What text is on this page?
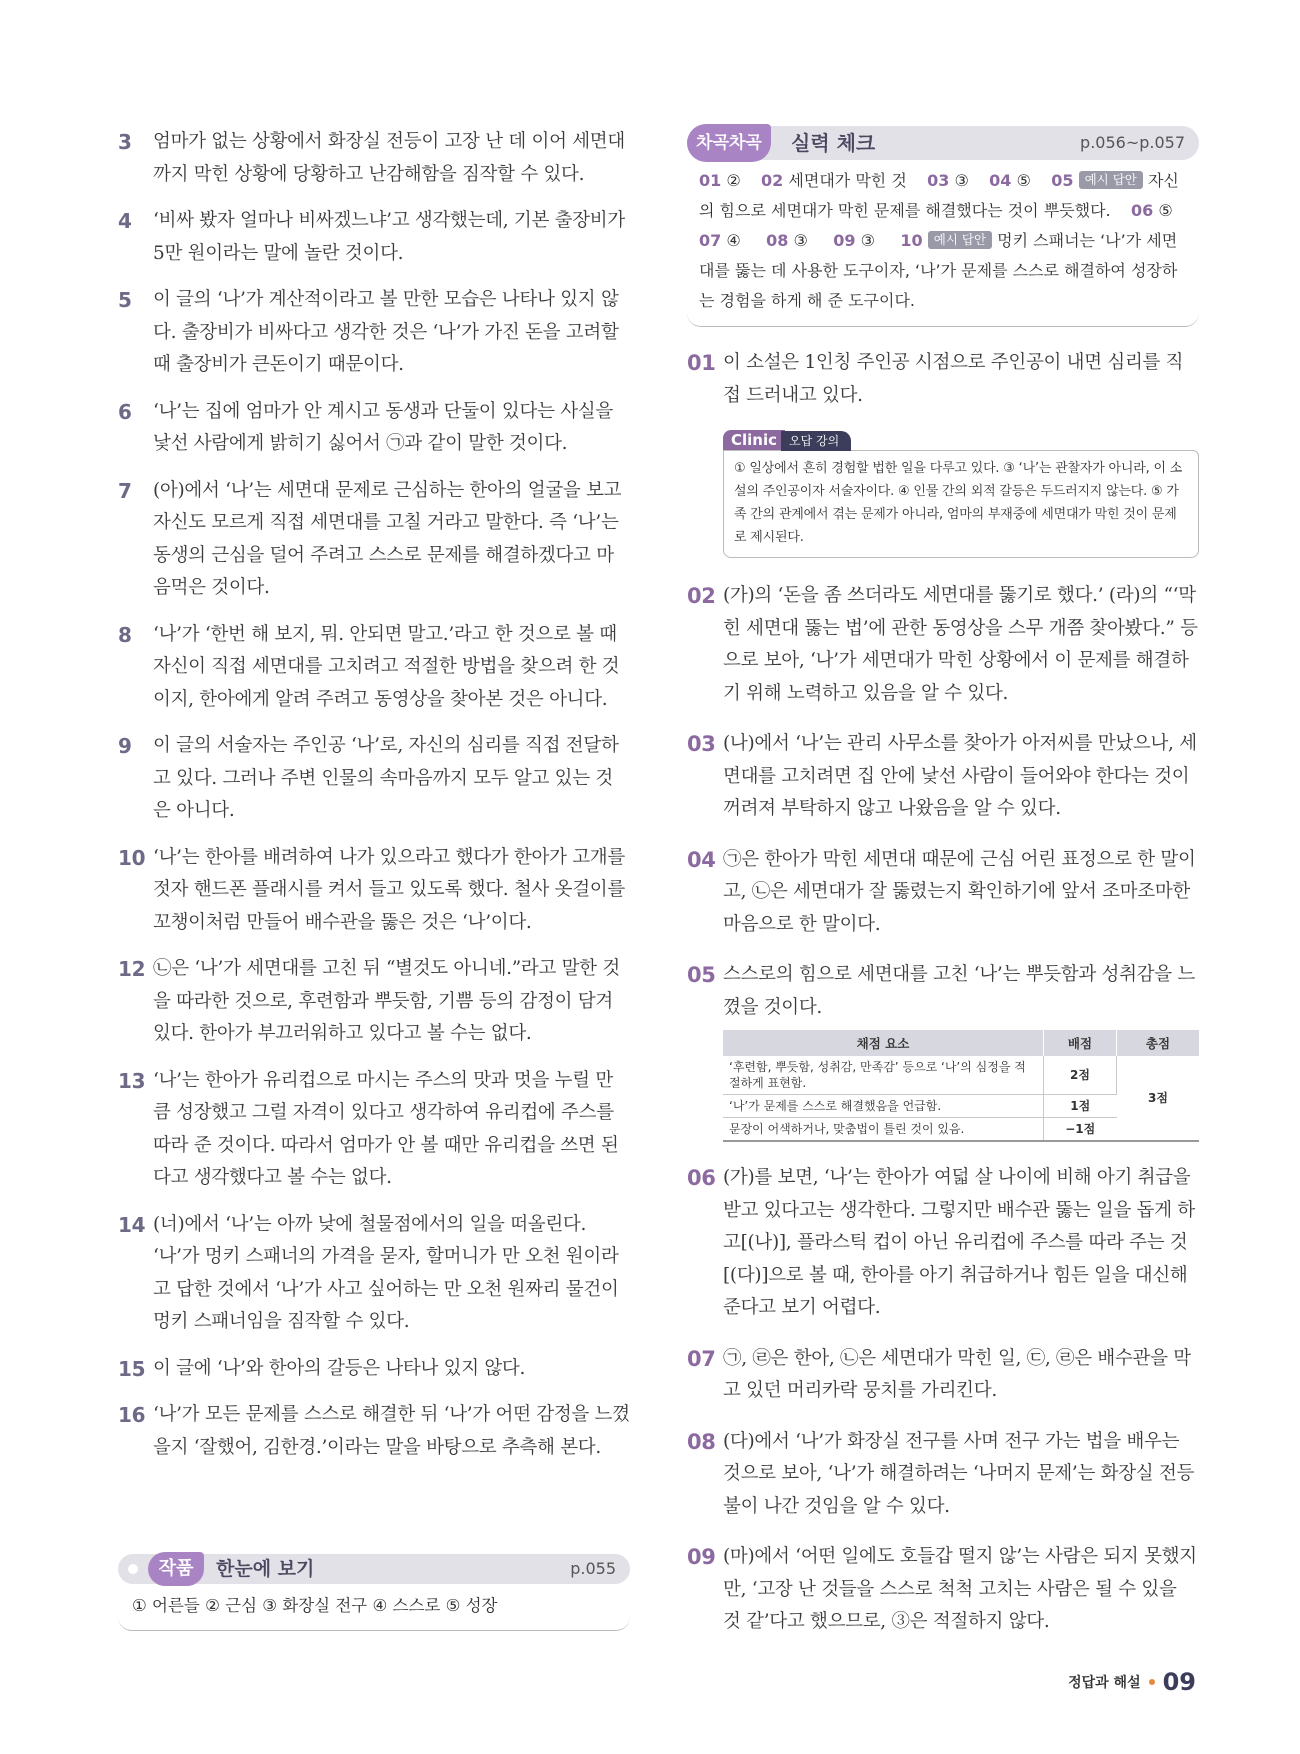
3 엄마가 없는 상황에서 화장실 전등이 고장 난 데 이어 세면대까지 막힌 상황에 당황하고 난감해함을 짐작할 수 있다.
4 ‘비싸 봤자 얼마나 비싸겠느냐’고 생각했는데, 기본 출장비가 5만 원이라는 말에 놀란 것이다.
5 이 글의 ‘나’가 계산적이라고 볼 만한 모습은 나타나 있지 않다. 출장비가 비싸다고 생각한 것은 ‘나’가 가진 돈을 고려할 때 출장비가 큰돈이기 때문이다.
6 ‘나’는 집에 엄마가 안 계시고 동생과 단둘이 있다는 사실을 낯선 사람에게 밝히기 싫어서 ㉠과 같이 말한 것이다.
7 (아)에서 ‘나’는 세면대 문제로 근심하는 한아의 얼굴을 보고 자신도 모르게 직접 세면대를 고칠 거라고 말한다. 즉 ‘나’는 동생의 근심을 덜어 주려고 스스로 문제를 해결하겠다고 마음먹은 것이다.
8 ‘나’가 ‘한번 해 보지, 뭐. 안되면 말고.’라고 한 것으로 볼 때 자신이 직접 세면대를 고치려고 적절한 방법을 찾으려 한 것이지, 한아에게 알려 주려고 동영상을 찾아본 것은 아니다.
9 이 글의 서술자는 주인공 ‘나’로, 자신의 심리를 직접 전달하고 있다. 그러나 주변 인물의 속마음까지 모두 알고 있는 것은 아니다.
10 ‘나’는 한아를 배려하여 나가 있으라고 했다가 한아가 고개를 젓자 핸드폰 플래시를 켜서 들고 있도록 했다. 철사 옷걸이를 꼬챙이처럼 만들어 배수관을 뚫은 것은 ‘나’이다.
12 ㉡은 ‘나’가 세면대를 고친 뒤 “별것도 아니네.”라고 말한 것을 따라한 것으로, 후련함과 뿌듯함, 기쁨 등의 감정이 담겨 있다. 한아가 부끄러워하고 있다고 볼 수는 없다.
13 ‘나’는 한아가 유리컵으로 마시는 주스의 맛과 멋을 누릴 만큼 성장했고 그럴 자격이 있다고 생각하여 유리컵에 주스를 따라 준 것이다. 따라서 엄마가 안 볼 때만 유리컵을 쓰면 된다고 생각했다고 볼 수는 없다.
14 (너)에서 ‘나’는 아까 낮에 철물점에서의 일을 떠올린다. ‘나’가 멍키 스패너의 가격을 묻자, 할머니가 만 오천 원이라고 답한 것에서 ‘나’가 사고 싶어하는 만 오천 원짜리 물건이 멍키 스패너임을 짐작할 수 있다.
15 이 글에 ‘나’와 한아의 갈등은 나타나 있지 않다.
16 ‘나’가 모든 문제를 스스로 해결한 뒤 ‘나’가 어떤 감정을 느꼈을지 ‘잘했어, 김한경.’이라는 말을 바탕으로 추측해 본다.
작품	한눈에 보기	p.055
① 어른들 ② 근심 ③ 화장실 전구 ④ 스스로 ⑤ 성장
차곡차곡	실력 체크	p.056~p.057
01 ② 02 세면대가 막힌 것 03 ③ 04 ⑤ 05 예시 답안 자신의 힘으로 세면대가 막힌 문제를 해결했다는 것이 뿌듯했다. 06 ⑤
07 ④ 08 ③ 09 ③ 10 예시 답안 멍키 스패너는 ‘나’가 세면대를 뚫는 데 사용한 도구이자, ‘나’가 문제를 스스로 해결하여 성장하는 경험을 하게 해 준 도구이다.
01 이 소설은 1인칭 주인공 시점으로 주인공이 내면 심리를 직접 드러내고 있다.
Clinic 오답 강의
① 일상에서 흔히 경험할 법한 일을 다루고 있다. ③ ‘나’는 관찰자가 아니라, 이 소설의 주인공이자 서술자이다. ④ 인물 간의 외적 갈등은 두드러지지 않는다. ⑤ 가족 간의 관계에서 겪는 문제가 아니라, 엄마의 부재중에 세면대가 막힌 것이 문제로 제시된다.
02 (가)의 ‘돈을 좀 쓰더라도 세면대를 뚫기로 했다.’ (라)의 “‘막힌 세면대 뚫는 법’에 관한 동영상을 스무 개쯤 찾아봤다.” 등으로 보아, ‘나’가 세면대가 막힌 상황에서 이 문제를 해결하기 위해 노력하고 있음을 알 수 있다.
03 (나)에서 ‘나’는 관리 사무소를 찾아가 아저씨를 만났으나, 세면대를 고치려면 집 안에 낯선 사람이 들어와야 한다는 것이 꺼려져 부탁하지 않고 나왔음을 알 수 있다.
04 ㉠은 한아가 막힌 세면대 때문에 근심 어린 표정으로 한 말이고, ㉡은 세면대가 잘 뚫렸는지 확인하기에 앞서 조마조마한 마음으로 한 말이다.
05 스스로의 힘으로 세면대를 고친 ‘나’는 뿌듯함과 성취감을 느꼈을 것이다.
채점 요소	배점	총점
‘후련함, 뿌듯함, 성취감, 만족감’ 등으로 ‘나’의 심정을 적절하게 표현함.	2점	3점
‘나’가 문제를 스스로 해결했음을 언급함.	1점	
문장이 어색하거나, 맞춤법이 틀린 것이 있음.	−1점	
06 (가)를 보면, ‘나’는 한아가 여덟 살 나이에 비해 아기 취급을 받고 있다고는 생각한다. 그렇지만 배수관 뚫는 일을 돕게 하고[(나)], 플라스틱 컵이 아닌 유리컵에 주스를 따라 주는 것[(다)]으로 볼 때, 한아를 아기 취급하거나 힘든 일을 대신해 준다고 보기 어렵다.
07 ㉠, ㉣은 한아, ㉡은 세면대가 막힌 일, ㉢, ㉣은 배수관을 막고 있던 머리카락 뭉치를 가리킨다.
08 (다)에서 ‘나’가 화장실 전구를 사며 전구 가는 법을 배우는 것으로 보아, ‘나’가 해결하려는 ‘나머지 문제’는 화장실 전등불이 나간 것임을 알 수 있다.
09 (마)에서 ‘어떤 일에도 호들갑 떨지 않’는 사람은 되지 못했지만, ‘고장 난 것들을 스스로 척척 고치는 사람은 될 수 있을 것 같’다고 했으므로, ③은 적절하지 않다.
정답과 해설 09
